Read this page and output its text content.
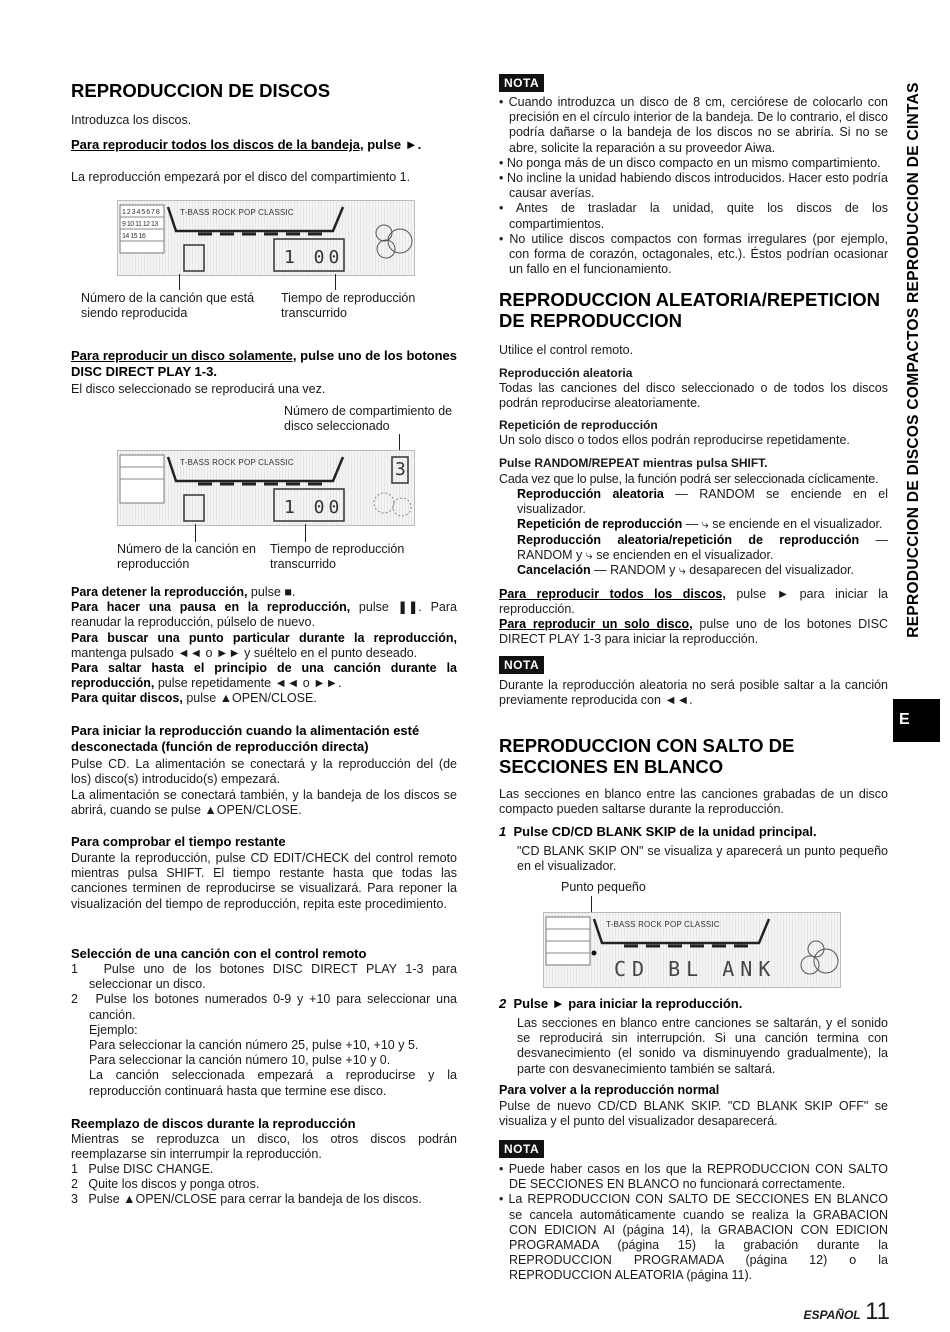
REPRODUCCION DE DISCOS

Introduzca los discos.

Para reproducir todos los discos de la bandeja, pulse ►.

La reproducción empezará por el disco del compartimiento 1.

1 2 3 4 5 6 7 8 9 10 11 12 13 14 15 16
T-BASS ROCK POP CLASSIC
1 00

Número de la canción que está siendo reproducida

Tiempo de reproducción transcurrido

Para reproducir un disco solamente, pulse uno de los botones DISC DIRECT PLAY 1-3.

El disco seleccionado se reproducirá una vez.

Número de compartimiento de disco seleccionado

T-BASS ROCK POP CLASSIC	3
1 00

Número de la canción en reproducción

Tiempo de reproducción transcurrido

Para detener la reproducción, pulse ■.

Para hacer una pausa en la reproducción, pulse ❚❚. Para reanudar la reproducción, púlselo de nuevo.

Para buscar una punto particular durante la reproducción, mantenga pulsado ◄◄ o ►► y suéltelo en el punto deseado.

Para saltar hasta el principio de una canción durante la reproducción, pulse repetidamente ◄◄ o ►►.

Para quitar discos, pulse ▲OPEN/CLOSE.

Para iniciar la reproducción cuando la alimentación esté desconectada (función de reproducción directa)

Pulse CD. La alimentación se conectará y la reproducción del (de los) disco(s) introducido(s) empezará.

La alimentación se conectará también, y la bandeja de los discos se abrirá, cuando se pulse ▲OPEN/CLOSE.

Para comprobar el tiempo restante

Durante la reproducción, pulse CD EDIT/CHECK del control remoto mientras pulsa SHIFT. El tiempo restante hasta que todas las canciones terminen de reproducirse se visualizará. Para reponer la visualización del tiempo de reproducción, repita este procedimiento.

Selección de una canción con el control remoto

1 Pulse uno de los botones DISC DIRECT PLAY 1-3 para seleccionar un disco.

2 Pulse los botones numerados 0-9 y +10 para seleccionar una canción.

Ejemplo:

Para seleccionar la canción número 25, pulse +10, +10 y 5.

Para seleccionar la canción número 10, pulse +10 y 0.

La canción seleccionada empezará a reproducirse y la reproducción continuará hasta que termine ese disco.

Reemplazo de discos durante la reproducción

Mientras se reproduzca un disco, los otros discos podrán reemplazarse sin interrumpir la reproducción.

1 Pulse DISC CHANGE.

2 Quite los discos y ponga otros.

3 Pulse ▲OPEN/CLOSE para cerrar la bandeja de los discos.

NOTA

• Cuando introduzca un disco de 8 cm, cerciórese de colocarlo con precisión en el círculo interior de la bandeja. De lo contrario, el disco podría dañarse o la bandeja de los discos no se abriría. Si no se abre, solicite la reparación a su proveedor Aiwa.

• No ponga más de un disco compacto en un mismo compartimiento.

• No incline la unidad habiendo discos introducidos. Hacer esto podría causar averías.

• Antes de trasladar la unidad, quite los discos de los compartimientos.

• No utilice discos compactos con formas irregulares (por ejemplo, con forma de corazón, octagonales, etc.). Éstos podrían ocasionar un fallo en el funcionamiento.

REPRODUCCION ALEATORIA/REPETICION DE REPRODUCCION

Utilice el control remoto.

Reproducción aleatoria

Todas las canciones del disco seleccionado o de todos los discos podrán reproducirse aleatoriamente.

Repetición de reproducción

Un solo disco o todos ellos podrán reproducirse repetidamente.

Pulse RANDOM/REPEAT mientras pulsa SHIFT.

Cada vez que lo pulse, la función podrá ser seleccionada cíclicamente.

Reproducción aleatoria — RANDOM se enciende en el visualizador.

Repetición de reproducción — ⤷ se enciende en el visualizador.

Reproducción aleatoria/repetición de reproducción — RANDOM y ⤷ se encienden en el visualizador.

Cancelación — RANDOM y ⤷ desaparecen del visualizador.

Para reproducir todos los discos, pulse ► para iniciar la reproducción.

Para reproducir un solo disco, pulse uno de los botones DISC DIRECT PLAY 1-3 para iniciar la reproducción.

NOTA

Durante la reproducción aleatoria no será posible saltar a la canción previamente reproducida con ◄◄.

REPRODUCCION CON SALTO DE SECCIONES EN BLANCO

Las secciones en blanco entre las canciones grabadas de un disco compacto pueden saltarse durante la reproducción.

1 Pulse CD/CD BLANK SKIP de la unidad principal.

"CD BLANK SKIP ON" se visualiza y aparecerá un punto pequeño en el visualizador.

Punto pequeño

T-BASS ROCK POP CLASSIC
CD BL ANK

2 Pulse ► para iniciar la reproducción.

Las secciones en blanco entre canciones se saltarán, y el sonido se reproducirá sin interrupción. Si una canción termina con desvanecimiento (el sonido va disminuyendo gradualmente), la parte con desvanecimiento también se saltará.

Para volver a la reproducción normal

Pulse de nuevo CD/CD BLANK SKIP. "CD BLANK SKIP OFF" se visualiza y el punto del visualizador desaparecerá.

NOTA

• Puede haber casos en los que la REPRODUCCION CON SALTO DE SECCIONES EN BLANCO no funcionará correctamente.

• La REPRODUCCION CON SALTO DE SECCIONES EN BLANCO se cancela automáticamente cuando se realiza la GRABACION CON EDICION AI (página 14), la GRABACION CON EDICION PROGRAMADA (página 15) la grabación durante la REPRODUCCION PROGRAMADA (página 12) o la REPRODUCCION ALEATORIA (página 11).

REPRODUCCION DE DISCOS COMPACTOS REPRODUCCION DE CINTAS
E
ESPAÑOL 11
